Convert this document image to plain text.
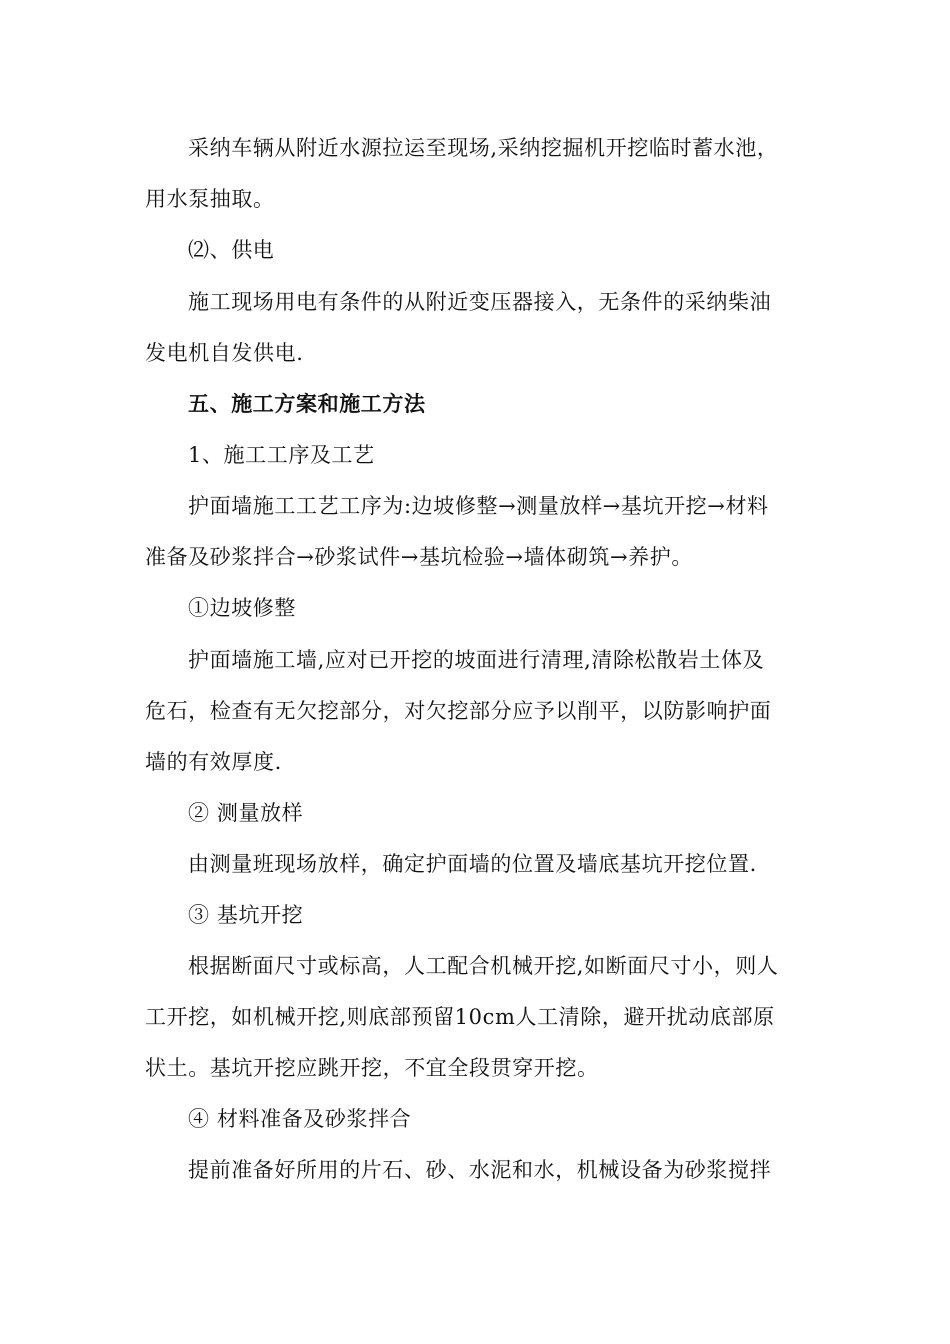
采纳车辆从附近水源拉运至现场,采纳挖掘机开挖临时蓄水池，
用水泵抽取。
⑵、供电
施工现场用电有条件的从附近变压器接入，无条件的采纳柴油
发电机自发供电.
五、施工方案和施工方法
1、施工工序及工艺
护面墙施工工艺工序为:边坡修整→测量放样→基坑开挖→材料
准备及砂浆拌合→砂浆试件→基坑检验→墙体砌筑→养护。
①边坡修整
护面墙施工墙,应对已开挖的坡面进行清理,清除松散岩土体及
危石，检查有无欠挖部分，对欠挖部分应予以削平，以防影响护面
墙的有效厚度.
② 测量放样
由测量班现场放样，确定护面墙的位置及墙底基坑开挖位置.
③ 基坑开挖
根据断面尺寸或标高，人工配合机械开挖,如断面尺寸小，则人
工开挖，如机械开挖,则底部预留10cm人工清除，避开扰动底部原
状土。基坑开挖应跳开挖，不宜全段贯穿开挖。
④ 材料准备及砂浆拌合
提前准备好所用的片石、砂、水泥和水，机械设备为砂浆搅拌
